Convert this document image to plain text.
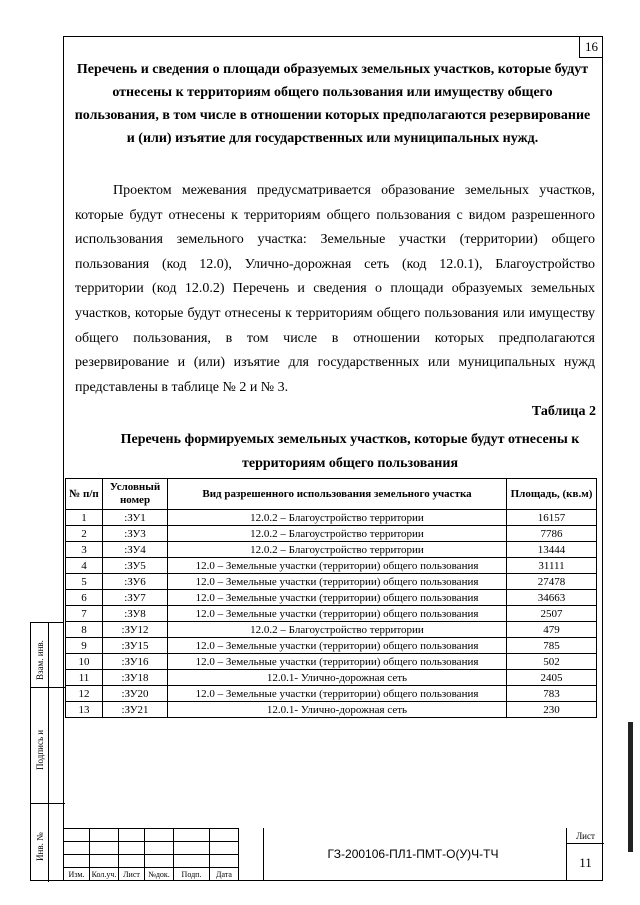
16
Перечень и сведения о площади образуемых земельных участков, которые будут отнесены к территориям общего пользования или имуществу общего пользования, в том числе в отношении которых предполагаются резервирование и (или) изъятие для государственных или муниципальных нужд.
Проектом межевания предусматривается образование земельных участков, которые будут отнесены к территориям общего пользования с видом разрешенного использования земельного участка: Земельные участки (территории) общего пользования (код 12.0), Улично-дорожная сеть (код 12.0.1), Благоустройство территории (код 12.0.2) Перечень и сведения о площади образуемых земельных участков, которые будут отнесены к территориям общего пользования или имуществу общего пользования, в том числе в отношении которых предполагаются резервирование и (или) изъятие для государственных или муниципальных нужд представлены в таблице № 2 и № 3.
Таблица 2
Перечень формируемых земельных участков, которые будут отнесены к территориям общего пользования
№ п/п	Условный номер	Вид разрешенного использования земельного участка	Площадь, (кв.м)
1	:ЗУ1	12.0.2 – Благоустройство территории	16157
2	:ЗУ3	12.0.2 – Благоустройство территории	7786
3	:ЗУ4	12.0.2 – Благоустройство территории	13444
4	:ЗУ5	12.0 – Земельные участки (территории) общего пользования	31111
5	:ЗУ6	12.0 – Земельные участки (территории) общего пользования	27478
6	:ЗУ7	12.0 – Земельные участки (территории) общего пользования	34663
7	:ЗУ8	12.0 – Земельные участки (территории) общего пользования	2507
8	:ЗУ12	12.0.2 – Благоустройство территории	479
9	:ЗУ15	12.0 – Земельные участки (территории) общего пользования	785
10	:ЗУ16	12.0 – Земельные участки (территории) общего пользования	502
11	:ЗУ18	12.0.1- Улично-дорожная сеть	2405
12	:ЗУ20	12.0 – Земельные участки (территории) общего пользования	783
13	:ЗУ21	12.0.1- Улично-дорожная сеть	230
Взам. инв.
Подпись и
Инв. №

Изм.	Кол.уч.	Лист	№док.	Подп.	Дата
ГЗ-200106-ПЛ1-ПМТ-О(У)Ч-ТЧ
Лист
11
